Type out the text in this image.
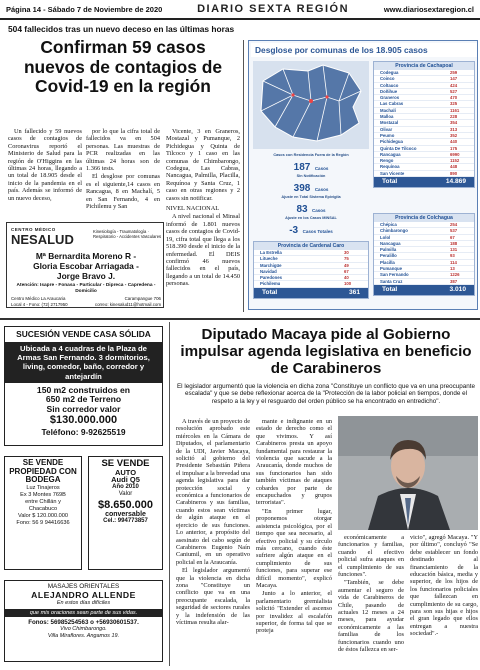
Página 14 - Sábado 7 de Noviembre de 2020	DIARIO SEXTA REGIÓN	www.diariosextaregion.cl
504 fallecidos tras un nuevo deceso en las últimas horas
Confirman 59 casos nuevos de contagios de Covid-19 en la región

Un fallecido y 59 nuevos casos de contagios de Coronavirus reportó el Ministerio de Salud para la región de O'Higgins en las últimas 24 horas, llegando a un total de 18.905 desde el inicio de la pandemia en el país. Además se informó de un nuevo deceso,

por lo que la cifra total de fallecidos va en 504 personas. Las muestras de PCR realizadas en las últimas 24 horas son de 1.366 tests.

El desglose por comunas es el siguiente,14 casos en Rancagua, 8 en Machalí, 5 en San Fernando, 4 en Pichilemu y San

Vicente, 3 en Graneros, Mostazal y Pumanque, 2 Pichidegua y Quinta de Tilcoco y 1 caso en las comunas de Chimbarongo, Codegua, Las Cabras, Nancagua, Palmilla, Placilla, Requínoa y Santa Cruz, 1 caso en otras regiones y 2 casos sin notificar.

NIVEL NACIONAL

A nivel nacional el Minsal informó de 1.801 nuevos casos de contagios de Covid-19, cifra total que llega a los 518.390 desde el inicio de la enfermedad. El DEIS confirmó 46 nuevos fallecidos en el país, llegando a un total de 14.450 personas.

CENTRO MÉDICO
NESALUD
Kinesiología - Traumatología · Respiratorio - Accidentes Vasculares
Mª Bernardita Moreno R -
Gloria Escobar Arriagada -
Jorge Bravo J.
Atención: Isapre - Fonasa - Particular - Dipreca - Capredena - Domicilio
Centro Médico La Araucaria	Carampangue 706
Local 4 - Fono: (72) 2717950	correo: kinesalud11@hotmail.com
Desglose por comunas de los 18.905 casos
Casos con Residencia Fuera de la Región
187 Casos
Sin Notificación
398 Casos
Ajuste en Total Sistema Epivigila
83 Casos
Ajuste en los Casos MINSAL
-3 Casos Totales
Provincia de Cachapoal
Codegua	259
Coinco	147
Coltauco	424
Doñihue	527
Graneros	470
Las Cabras	325
Machalí	1161
Malloa	228
Mostazal	354
Olivar	313
Peumo	352
Pichidegua	440
Quinta De Tilcoco	175
Rancagua	6990
Rengo	1152
Requínoa	448
San Vicente	890
Total	14.869
Provincia de Cardenal Caro
La Estrella	30
Litueche	75
Marchigüe	49
Navidad	67
Paredones	40
Pichilemu	100
Total	361
Provincia de Colchagua
Chépica	254
Chimbarongo	537
Lolol	67
Nancagua	188
Palmilla	131
Peralillo	93
Placilla	114
Pumanque	13
San Fernando	1226
Santa Cruz	387
Total	3.010
SUCESIÓN VENDE CASA SÓLIDA
Ubicada a 4 cuadras de la Plaza de Armas San Fernando. 3 dormitorios, living, comedor, baño, corredor y antejardín
150 m2 construidos en
650 m2 de Terreno
Sin corredor valor
$130.000.000
Teléfono: 9-92625519
SE VENDE PROPIEDAD CON BODEGA
Luz Tinajeros
Ex 3 Montes 769B
entre Chillán y
Chacabuco
Valor $ 120.000.000
Fono: 56 9 94416636
SE VENDE
AUTO
Audi Q5
Año 2010
Valor
$8.650.000
conversable
Cel.: 994773857
MASAJES ORIENTALES
ALEJANDRO ALLENDE
En estos días difíciles
que mis oraciones sean parte de sus vidas.
Fonos: 56985254563 o +56930601537.
Vivo Chimbarongo.
Villa Miraflores. Angamos 19.
Diputado Macaya pide al Gobierno impulsar agenda legislativa en beneficio de Carabineros
El legislador argumentó que la violencia en dicha zona "Constituye un conflicto que va en una preocupante escalada" y que se debe reflexionar acerca de la "Protección de la labor policial en tiempos, donde el respeto a la ley y el resguardo del orden público se ha encontrado en entredicho".

A través de un proyecto de resolución aprobado este miércoles en la Cámara de Diputados, el parlamentario de la UDI, Javier Macaya, solicitó al gobierno del Presidente Sebastián Piñera el impulsar a la brevedad una agenda legislativa para dar protección social y económica a funcionarios de Carabineros y sus familias, cuando estos sean víctimas de algún ataque en el ejercicio de sus funciones. Lo anterior, a propósito del asesinato del cabo según de Carabineros Eugenio Naín Caniumil, en un operativo policial en la Araucanía.

El legislador argumentó que la violencia en dicha zona "Constituye un conflicto que va en una preocupante escalada, la seguridad de sectores rurales y la indefensión de las víctimas resulta alar-

mante e indignante en un estado de derecho como el que vivimos. Y así Carabineros presta un apoyo fundamental para restaurar la violencia que sacude a la Araucanía, donde muchos de sus funcionarios han sido también víctimas de ataques cobardes por parte de encapuchados y grupos terroristas".

"En primer lugar, proponemos otorgar asistencia psicológica, por el tiempo que sea necesario, al efectivo policial y su círculo más cercano, cuando éste sufriere algún ataque en el cumplimiento de sus funciones, para superar ese difícil momento", explicó Macaya.

Junto a lo anterior, el parlamentario gremialista solicitó "Extender el ascenso por invalidez al escalafón superior, de forma tal que se proteja

económicamente a funcionarios y familias, cuando el efectivo policial sufra ataques en el cumplimiento de sus funciones".

"También, se debe aumentar el seguro de vida de Carabineros de Chile, pasando de actuales 12 meses a 24 meses, para ayudar económicamente a las familias de los funcionarios cuando uno de éstos fallezca en ser-

vicio", agregó Macaya. "Y por último", concluyó "Se debe establecer un fondo destinado al financiamiento de la educación básica, media y superior, de los hijos de los funcionarios policiales que fallezcan en cumplimiento de su cargo, para son sus hijas e hijos el gran legado que ellos entregan a nuestra sociedad".-
